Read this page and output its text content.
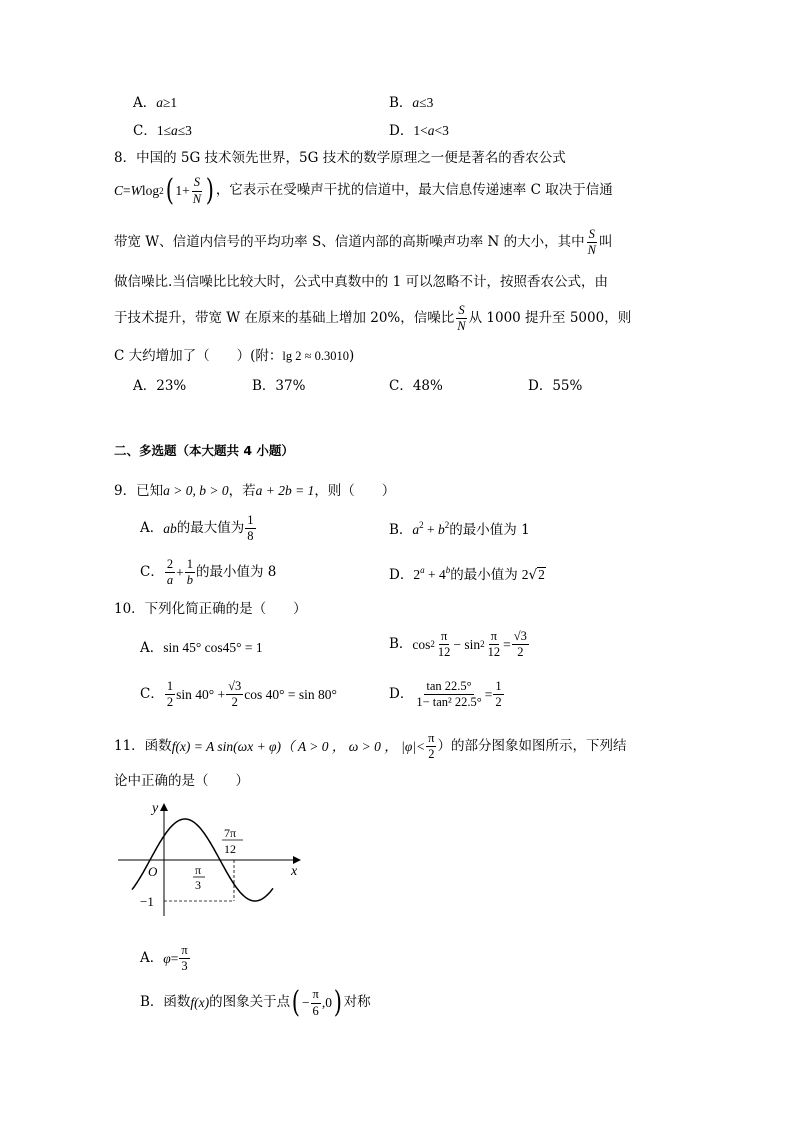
A．a≥1	B．a≤3
C．1≤a≤3	D．1<a<3
8．中国的 5G 技术领先世界，5G 技术的数学原理之一便是著名的香农公式
C = W log 2 ( $1+ \frac{S}{N}$ ) ，它表示在受噪声干扰的信道中，最大信息传递速率 C 取决于信通
带宽 W、信道内信号的平均功率 S、信道内部的高斯噪声功率 N 的大小，其中 $\frac{S}{N}$ 叫
做信噪比.当信噪比比较大时，公式中真数中的 1 可以忽略不计，按照香农公式，由
于技术提升，带宽 W 在原来的基础上增加 20%，信噪比 $\frac{S}{N}$ 从 1000 提升至 5000，则
C 大约增加了（　　）(附：lg 2 ≈ 0.3010)
A．23%	B．37%	C．48%	D．55%
二、多选题（本大题共 4 小题）
9．已知a > 0, b > 0，若a + 2b = 1，则（　　）
A． ab 的最大值为 $\frac{1}{8}$	B．$a^2 + b^2$的最小值为 1
C． $\frac{2}{a} + \frac{1}{b}$ 的最小值为 8	D．$2^a + 4^b$的最小值为 2√2
10．下列化简正确的是（　　）
A．sin 45° cos45° = 1	B． $\cos 2 \frac{\pi}{12} - \sin 2 \frac{\pi}{12} = \frac{√3}{2}$
C． $\frac{1}{2}$ $\sin 40^\circ + \frac{√3}{2}$ cos 40° = sin 80°	D． $\frac{\tan 22.5^\circ}{\text{1− tan² 22.5°}} = \frac{1}{2}$
11．函数 f(x) = A sin(ωx + φ) （ A > 0 ， ω > 0 ， $|\varphi|< \frac{\pi}{2}$ ）的部分图象如图所示，下列结
论中正确的是（　　）
y
x
O
−1
π
3
7π
12
A． $\varphi = \frac{\pi}{3}$
B．函数 f(x) 的图象关于点 ( − $\frac{\pi}{6} ,0$ ) 对称
